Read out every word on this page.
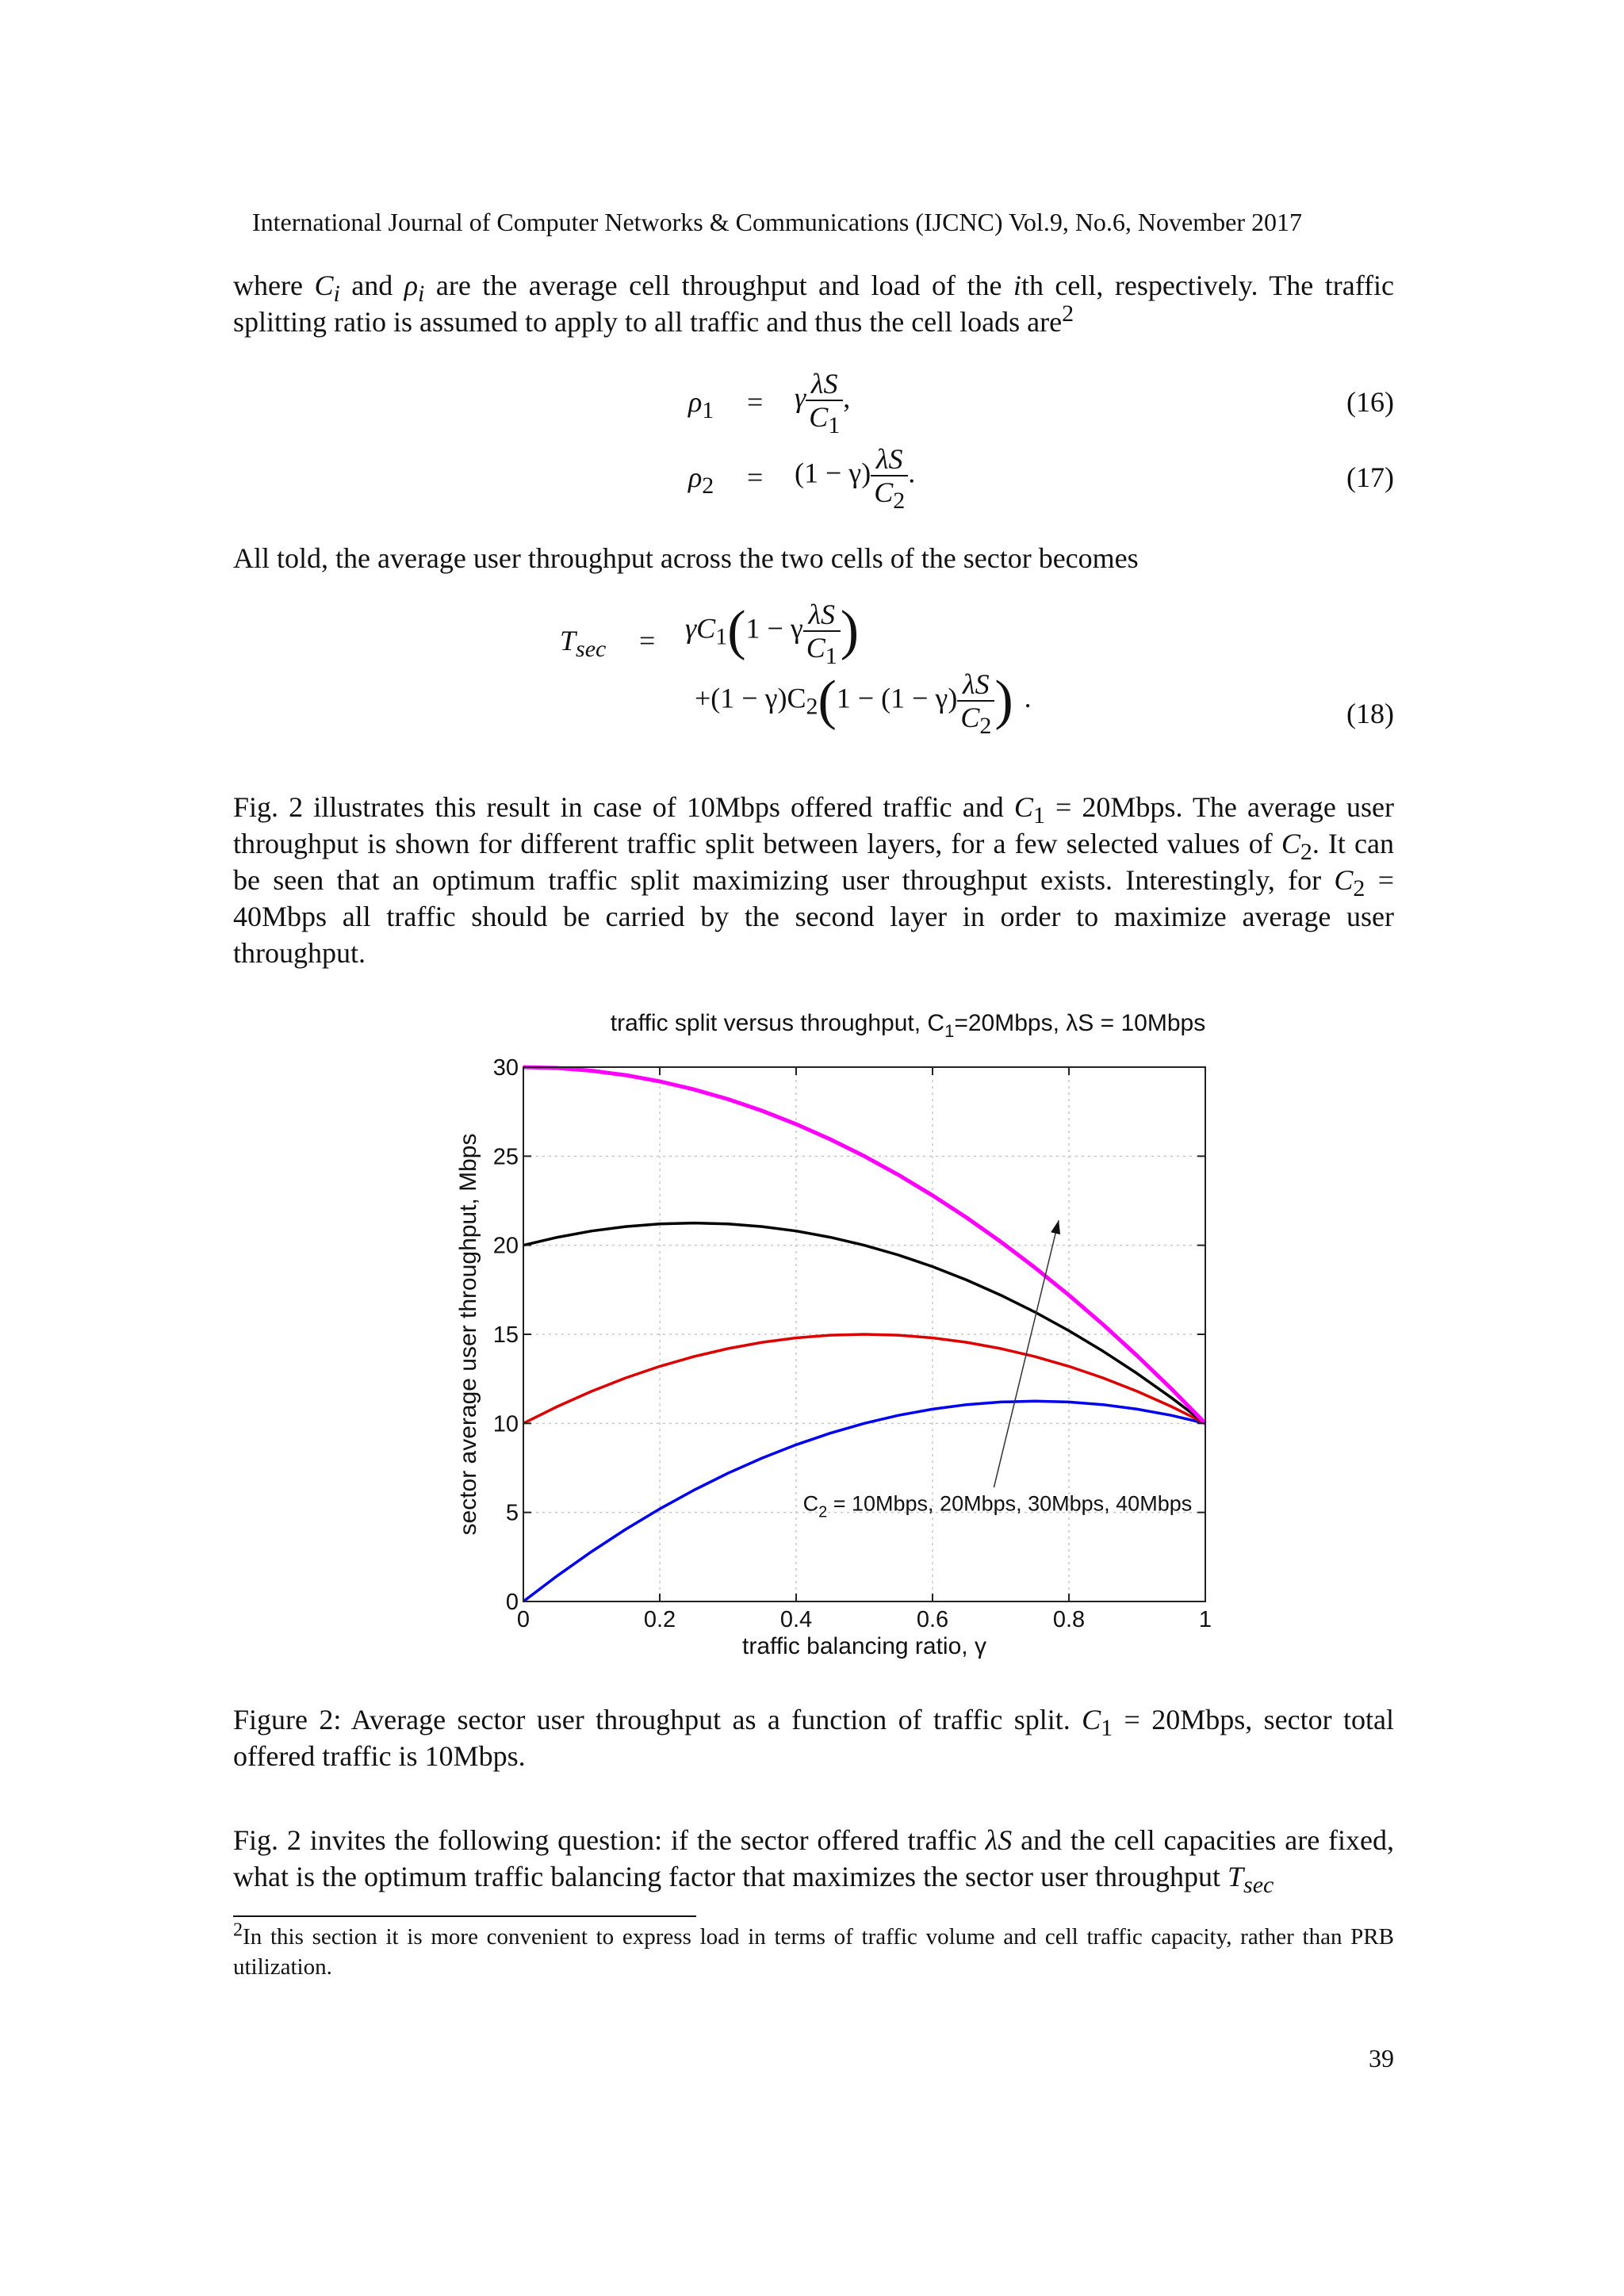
International Journal of Computer Networks & Communications (IJCNC) Vol.9, No.6, November 2017
where $C_i$ and $\rho_i$ are the average cell throughput and load of the ith cell, respectively. The traffic splitting ratio is assumed to apply to all traffic and thus the cell loads are$^2$
$\rho_1 = \gamma \frac{\lambda S}{C_1}$ ,	(16)
$\rho_2 = (1 - \gamma) \frac{\lambda S}{C_2}$ .	(17)
All told, the average user throughput across the two cells of the sector becomes
$T_{sec} = \gamma C_1(1 - \gamma \frac{\lambda S}{C_1}$ )
$+(1 - \gamma)C_2(1 - (1 - \gamma) \frac{\lambda S}{C_2}$ ) .	(18)
Fig. 2 illustrates this result in case of 10Mbps offered traffic and $C_1$ = 20Mbps. The average user throughput is shown for different traffic split between layers, for a few selected values of $C_2$. It can be seen that an optimum traffic split maximizing user throughput exists. Interestingly, for $C_2$ = 40Mbps all traffic should be carried by the second layer in order to maximize average user throughput.
traffic split versus throughput, $C_1=20Mbps$, λS = 10Mbps
0	0.2	0.4	0.6	0.8	1
0
5
10
15
20
25
30
$C_2$ = 10Mbps, 20Mbps, 30Mbps, 40Mbps
traffic balancing ratio, γ
sector average user throughput, Mbps
Figure 2: Average sector user throughput as a function of traffic split. $C_1$ = 20Mbps, sector total offered traffic is 10Mbps.
Fig. 2 invites the following question: if the sector offered traffic λS and the cell capacities are fixed, what is the optimum traffic balancing factor that maximizes the sector user throughput $T_{sec}$
$^2$In this section it is more convenient to express load in terms of traffic volume and cell traffic capacity, rather than PRB utilization.
39
